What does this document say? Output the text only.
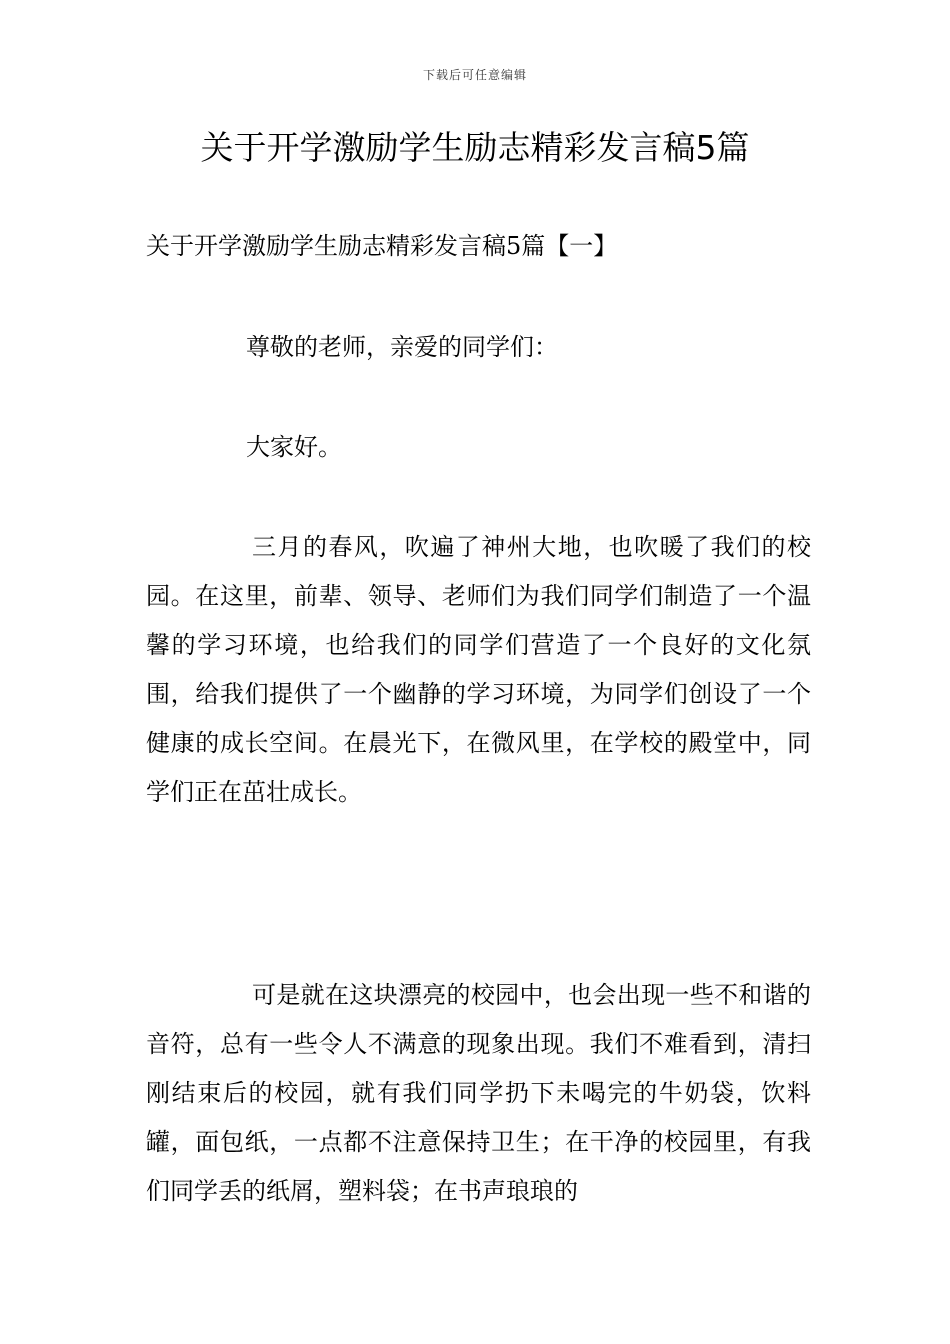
下载后可任意编辑
关于开学激励学生励志精彩发言稿5篇
关于开学激励学生励志精彩发言稿5篇【一】

尊敬的老师，亲爱的同学们：

大家好。

三月的春风，吹遍了神州大地，也吹暖了我们的校园。在这里，前辈、领导、老师们为我们同学们制造了一个温馨的学习环境，也给我们的同学们营造了一个良好的文化氛围，给我们提供了一个幽静的学习环境，为同学们创设了一个健康的成长空间。在晨光下，在微风里，在学校的殿堂中，同学们正在茁壮成长。

可是就在这块漂亮的校园中，也会出现一些不和谐的音符，总有一些令人不满意的现象出现。我们不难看到，清扫刚结束后的校园，就有我们同学扔下未喝完的牛奶袋，饮料罐，面包纸，一点都不注意保持卫生；在干净的校园里，有我们同学丢的纸屑，塑料袋；在书声琅琅的
